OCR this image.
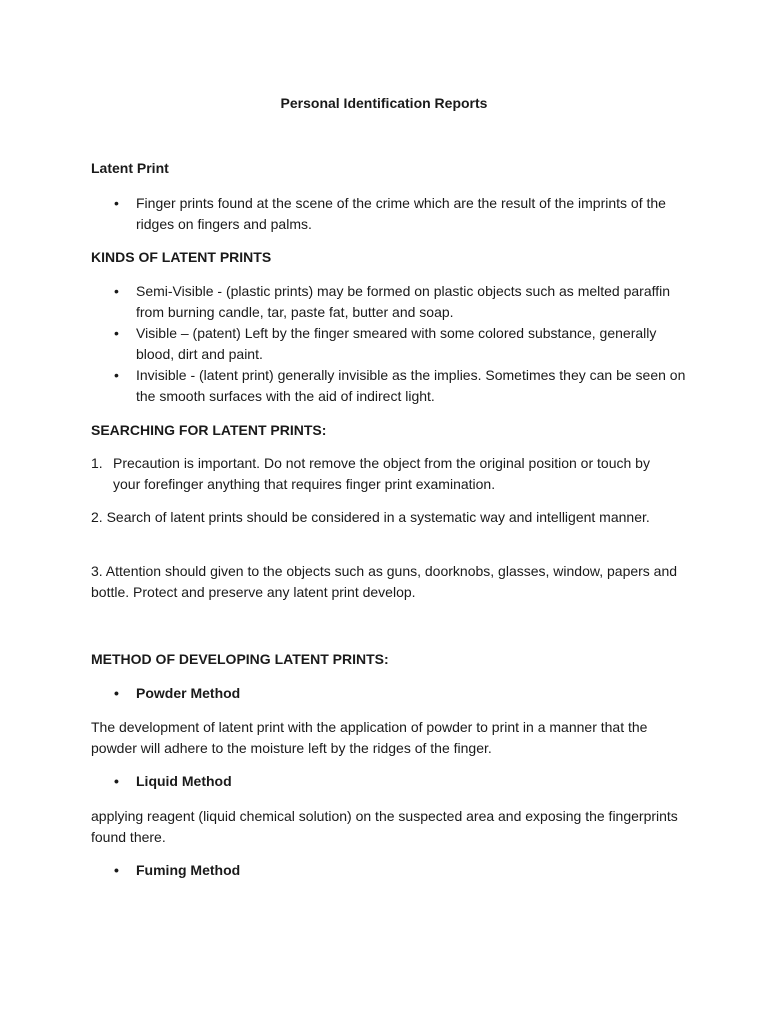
Personal Identification Reports
Latent Print
• Finger prints found at the scene of the crime which are the result of the imprints of the ridges on fingers and palms.
KINDS OF LATENT PRINTS
• Semi-Visible - (plastic prints) may be formed on plastic objects such as melted paraffin from burning candle, tar, paste fat, butter and soap.
• Visible – (patent) Left by the finger smeared with some colored substance, generally blood, dirt and paint.
• Invisible - (latent print) generally invisible as the implies. Sometimes they can be seen on the smooth surfaces with the aid of indirect light.
SEARCHING FOR LATENT PRINTS:
1. Precaution is important. Do not remove the object from the original position or touch by your forefinger anything that requires finger print examination.

2. Search of latent prints should be considered in a systematic way and intelligent manner.

3. Attention should given to the objects such as guns, doorknobs, glasses, window, papers and bottle. Protect and preserve any latent print develop.

METHOD OF DEVELOPING LATENT PRINTS:
• Powder Method

The development of latent print with the application of powder to print in a manner that the powder will adhere to the moisture left by the ridges of the finger.

• Liquid Method

applying reagent (liquid chemical solution) on the suspected area and exposing the fingerprints found there.

• Fuming Method
